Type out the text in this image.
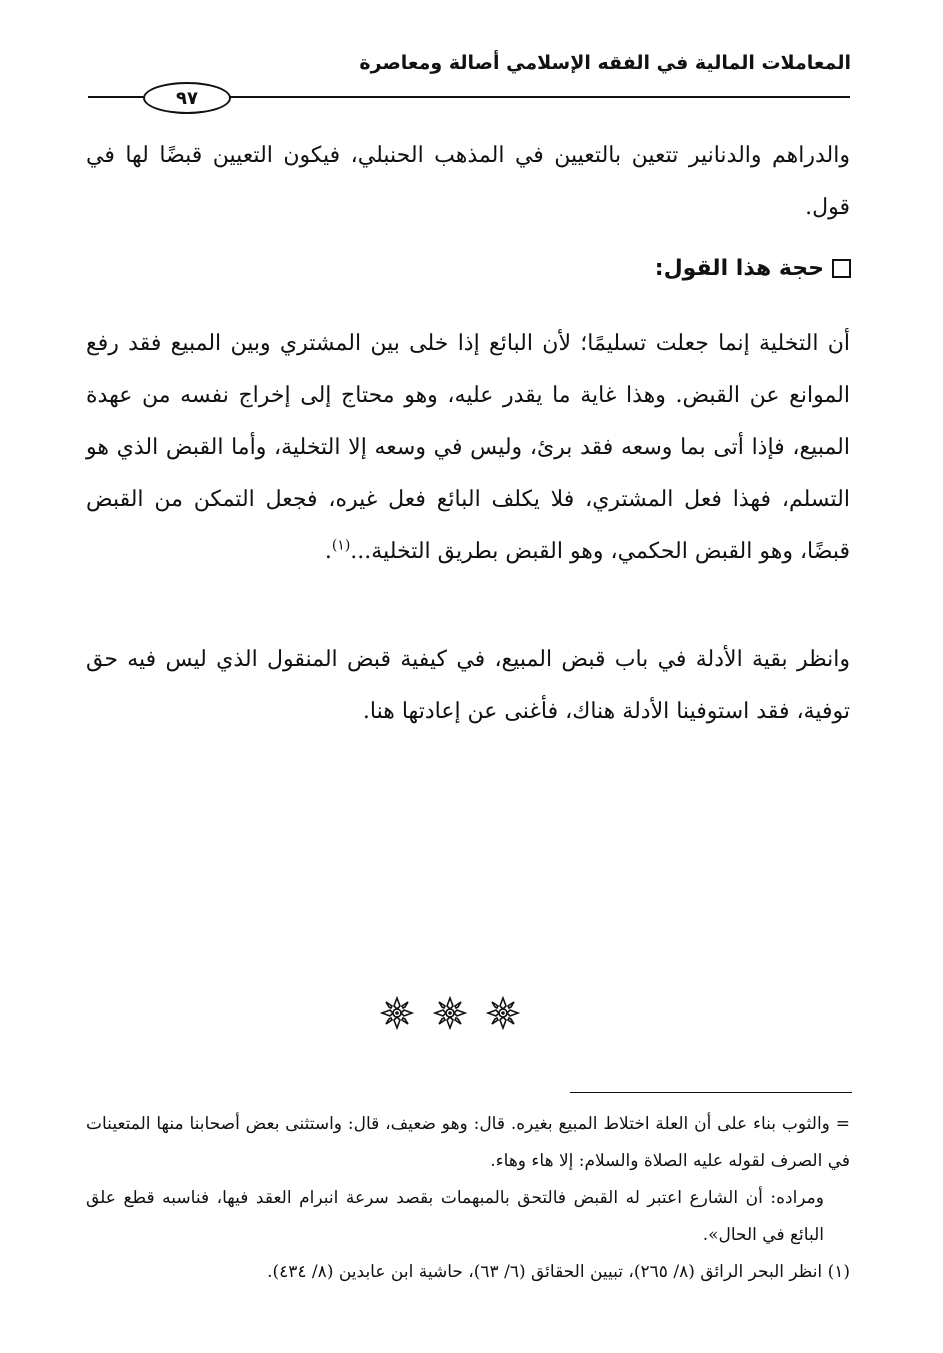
المعاملات المالية في الفقه الإسلامي أصالة ومعاصرة
٩٧

والدراهم والدنانير تتعين بالتعيين في المذهب الحنبلي، فيكون التعيين قبضًا لها في قول.

حجة هذا القول:

أن التخلية إنما جعلت تسليمًا؛ لأن البائع إذا خلى بين المشتري وبين المبيع فقد رفع الموانع عن القبض. وهذا غاية ما يقدر عليه، وهو محتاج إلى إخراج نفسه من عهدة المبيع، فإذا أتى بما وسعه فقد برئ، وليس في وسعه إلا التخلية، وأما القبض الذي هو التسلم، فهذا فعل المشتري، فلا يكلف البائع فعل غيره، فجعل التمكن من القبض قبضًا، وهو القبض الحكمي، وهو القبض بطريق التخلية...$^{(١)}$.

وانظر بقية الأدلة في باب قبض المبيع، في كيفية قبض المنقول الذي ليس فيه حق توفية، فقد استوفينا الأدلة هناك، فأغنى عن إعادتها هنا.

= والثوب بناء على أن العلة اختلاط المبيع بغيره. قال: وهو ضعيف، قال: واستثنى بعض أصحابنا منها المتعينات في الصرف لقوله عليه الصلاة والسلام: إلا هاء وهاء.

ومراده: أن الشارع اعتبر له القبض فالتحق بالمبهمات بقصد سرعة انبرام العقد فيها، فناسبه قطع علق البائع في الحال».

(١) انظر البحر الرائق (٨/ ٢٦٥)، تبيين الحقائق (٦/ ٦٣)، حاشية ابن عابدين (٨/ ٤٣٤).
